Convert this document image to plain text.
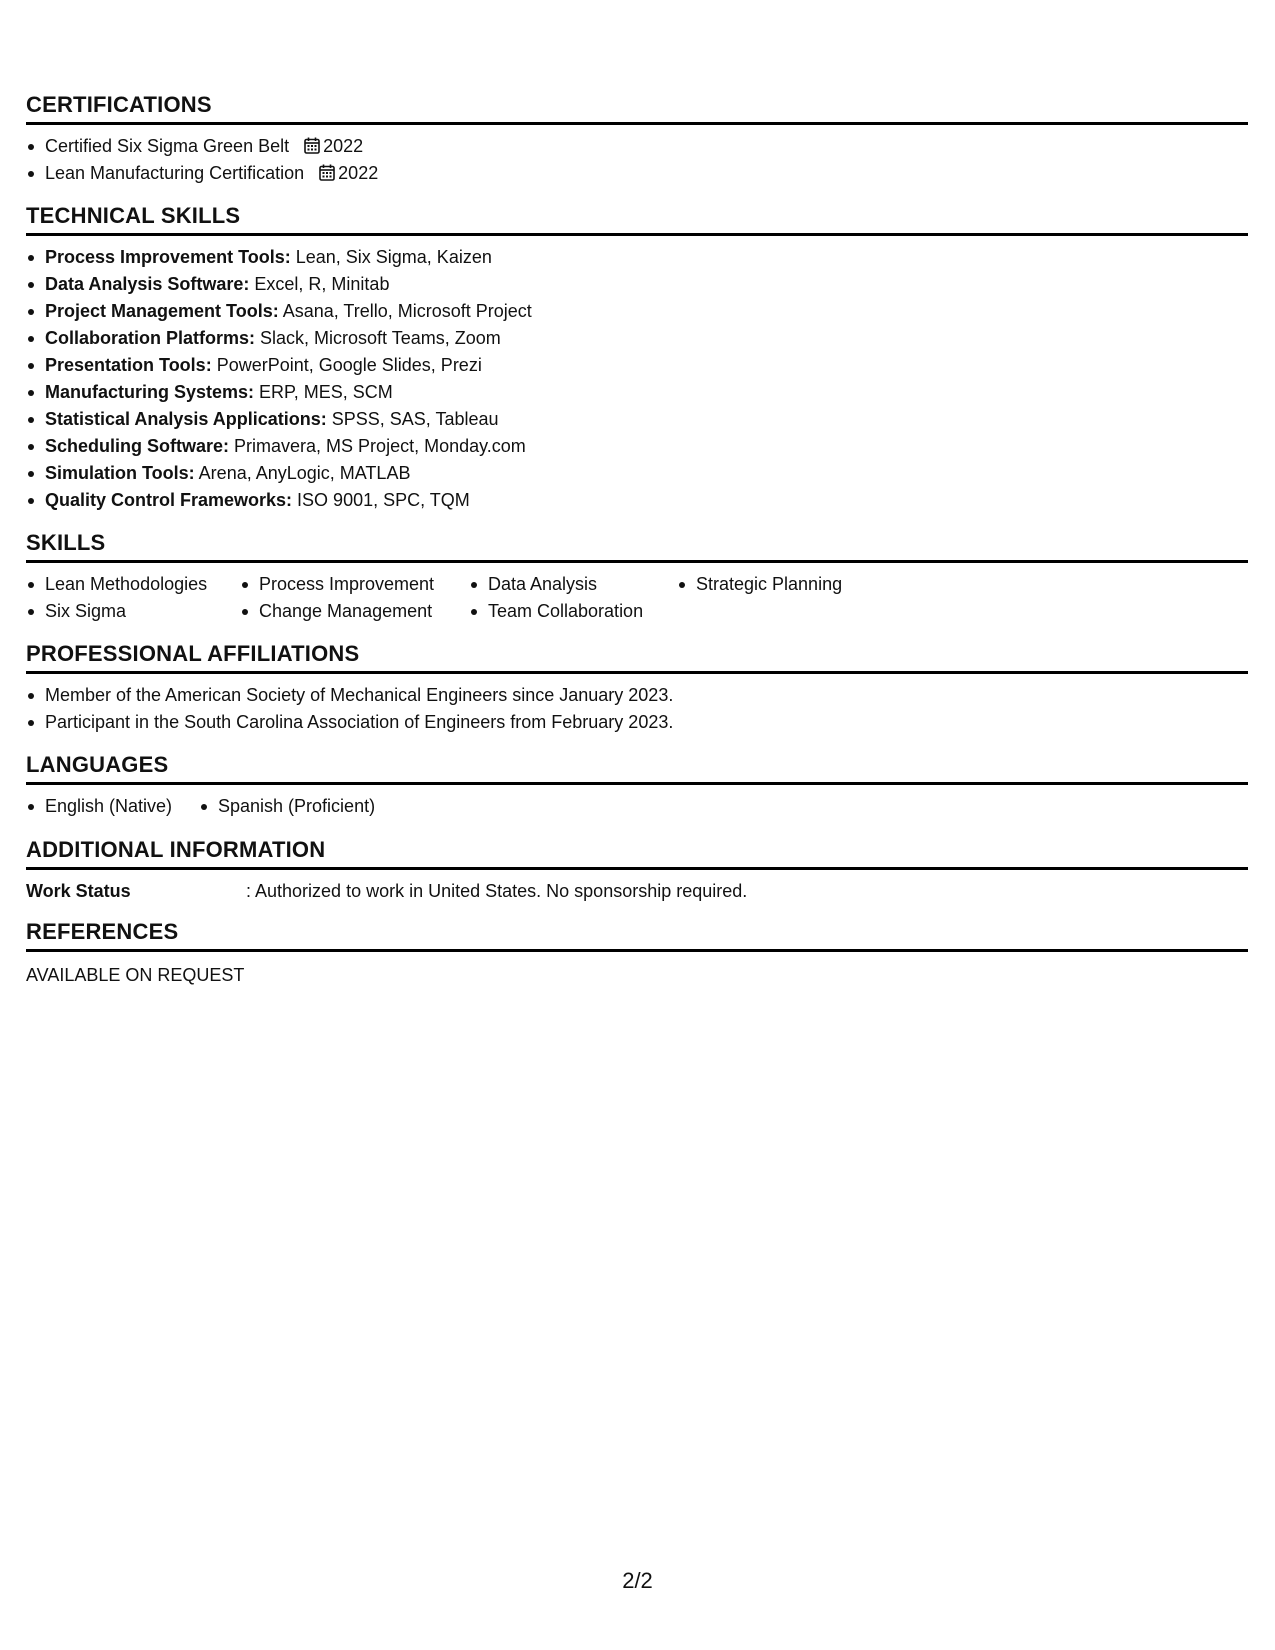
CERTIFICATIONS
Certified Six Sigma Green Belt 2022
Lean Manufacturing Certification 2022
TECHNICAL SKILLS
Process Improvement Tools: Lean, Six Sigma, Kaizen
Data Analysis Software: Excel, R, Minitab
Project Management Tools: Asana, Trello, Microsoft Project
Collaboration Platforms: Slack, Microsoft Teams, Zoom
Presentation Tools: PowerPoint, Google Slides, Prezi
Manufacturing Systems: ERP, MES, SCM
Statistical Analysis Applications: SPSS, SAS, Tableau
Scheduling Software: Primavera, MS Project, Monday.com
Simulation Tools: Arena, AnyLogic, MATLAB
Quality Control Frameworks: ISO 9001, SPC, TQM
SKILLS
Lean Methodologies
Six Sigma
Process Improvement
Change Management
Data Analysis
Team Collaboration
Strategic Planning
PROFESSIONAL AFFILIATIONS
Member of the American Society of Mechanical Engineers since January 2023.
Participant in the South Carolina Association of Engineers from February 2023.
LANGUAGES
English (Native)	Spanish (Proficient)
ADDITIONAL INFORMATION
Work Status	: Authorized to work in United States. No sponsorship required.
REFERENCES
AVAILABLE ON REQUEST
2/2
